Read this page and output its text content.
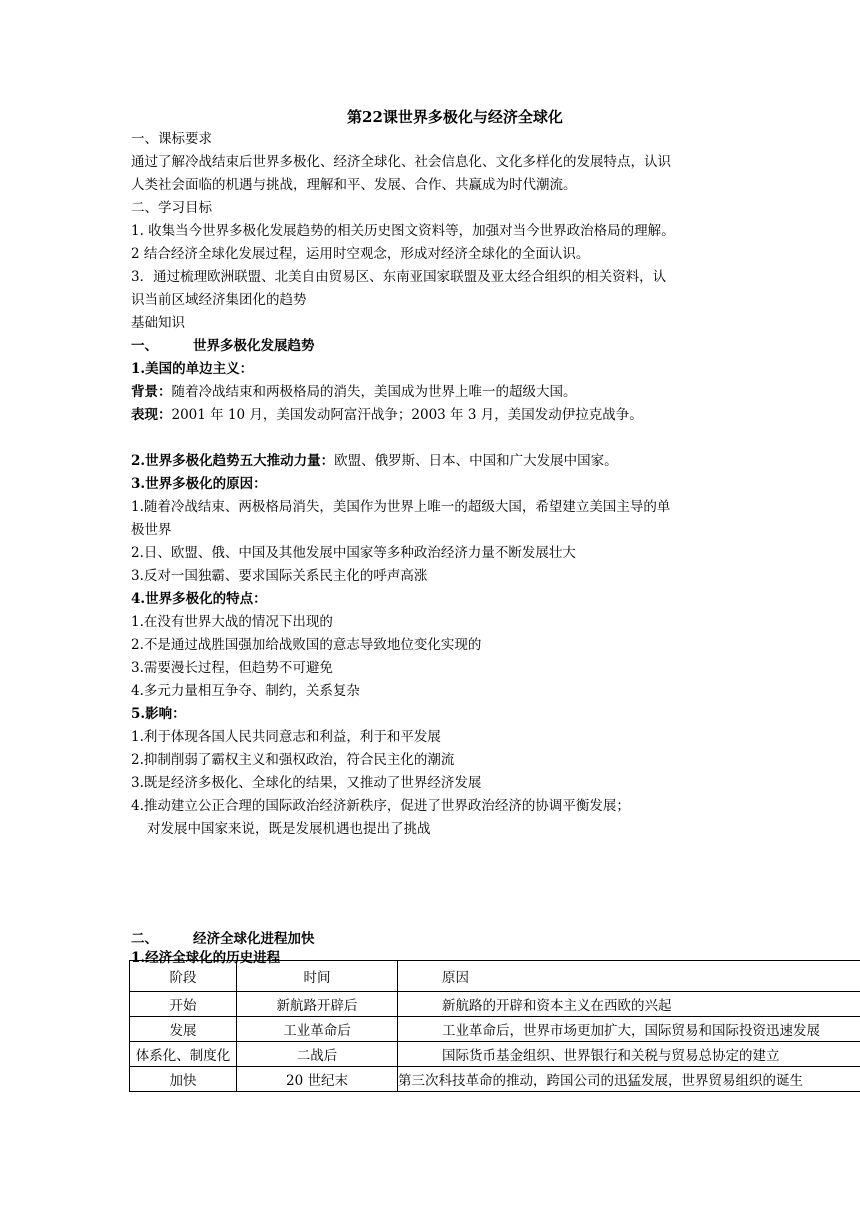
第22课世界多极化与经济全球化
一、课标要求
通过了解冷战结束后世界多极化、经济全球化、社会信息化、文化多样化的发展特点，认识
人类社会面临的机遇与挑战，理解和平、发展、合作、共赢成为时代潮流。
二、学习目标
1. 收集当今世界多极化发展趋势的相关历史图文资料等，加强对当今世界政治格局的理解。
2 结合经济全球化发展过程，运用时空观念，形成对经济全球化的全面认识。
3．通过梳理欧洲联盟、北美自由贸易区、东南亚国家联盟及亚太经合组织的相关资料，认
识当前区域经济集团化的趋势
基础知识
一、	世界多极化发展趋势
1.美国的单边主义：
背景：随着冷战结束和两极格局的消失，美国成为世界上唯一的超级大国。
表现：2001 年 10 月，美国发动阿富汗战争；2003 年 3 月，美国发动伊拉克战争。
2.世界多极化趋势五大推动力量：欧盟、俄罗斯、日本、中国和广大发展中国家。
3.世界多极化的原因：
1.随着冷战结束、两极格局消失，美国作为世界上唯一的超级大国，希望建立美国主导的单
极世界
2.日、欧盟、俄、中国及其他发展中国家等多种政治经济力量不断发展壮大
3.反对一国独霸、要求国际关系民主化的呼声高涨
4.世界多极化的特点：
1.在没有世界大战的情况下出现的
2.不是通过战胜国强加给战败国的意志导致地位变化实现的
3.需要漫长过程，但趋势不可避免
4.多元力量相互争夺、制约，关系复杂
5.影响：
1.利于体现各国人民共同意志和利益，利于和平发展
2.抑制削弱了霸权主义和强权政治，符合民主化的潮流
3.既是经济多极化、全球化的结果，又推动了世界经济发展
4.推动建立公正合理的国际政治经济新秩序，促进了世界政治经济的协调平衡发展；
对发展中国家来说，既是发展机遇也提出了挑战
二、	经济全球化进程加快
1.经济全球化的历史进程
阶段	时间	原因
开始	新航路开辟后	新航路的开辟和资本主义在西欧的兴起
发展	工业革命后	工业革命后，世界市场更加扩大，国际贸易和国际投资迅速发展
体系化、制度化	二战后	国际货币基金组织、世界银行和关税与贸易总协定的建立
加快	20 世纪末	第三次科技革命的推动，跨国公司的迅猛发展，世界贸易组织的诞生
